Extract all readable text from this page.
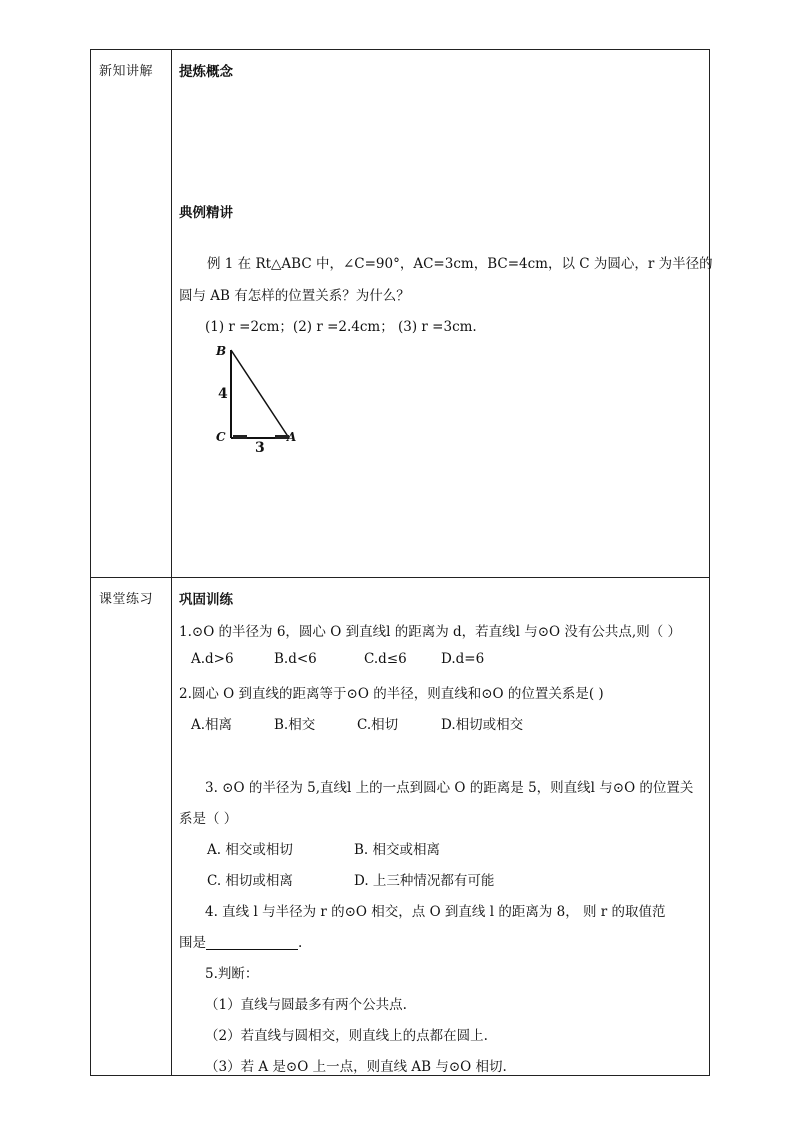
新知讲解 提炼概念
典例精讲
例 1 在 Rt△ABC 中，∠C=90°，AC=3cm，BC=4cm，以 C 为圆心，r 为半径的
圆与 AB 有怎样的位置关系？为什么？
(1) r =2cm；(2) r =2.4cm； (3) r =3cm.
B
C	A
4
3
课堂练习 巩固训练
1.⊙O 的半径为 6，圆心 O 到直线l 的距离为 d，若直线l 与⊙O 没有公共点,则（ ）
A.d>6	B.d<6	C.d≤6	D.d=6
2.圆心 O 到直线的距离等于⊙O 的半径，则直线和⊙O 的位置关系是( )
A.相离	B.相交	C.相切	D.相切或相交
3. ⊙O 的半径为 5,直线l 上的一点到圆心 O 的距离是 5，则直线l 与⊙O 的位置关
系是（ ）
A. 相交或相切	B. 相交或相离
C. 相切或相离	D. 上三种情况都有可能
4. 直线 l 与半径为 r 的⊙O 相交，点 O 到直线 l 的距离为 8， 则 r 的取值范
围是	.
5.判断：
（1）直线与圆最多有两个公共点.
（2）若直线与圆相交，则直线上的点都在圆上.
（3）若 A 是⊙O 上一点，则直线 AB 与⊙O 相切.
